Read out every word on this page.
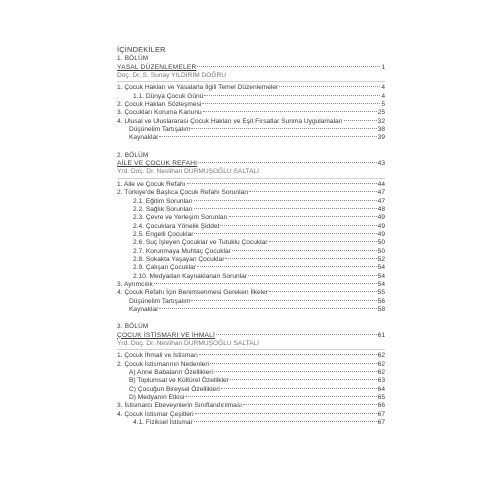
İÇİNDEKİLER
1. BÖLÜM
YASAL DÜZENLEMELER	1
Doç. Dr. S. Sunay YILDIRIM DOĞRU
1. Çocuk Hakları ve Yasalarla İlgili Temel Düzenlemeler	4
1.1. Dünya Çocuk Günü	4
2. Çocuk Hakları Sözleşmesi	5
3. Çocukları Koruma Kanunu	25
4. Ulusal ve Uluslararası Çocuk Hakları ve Eşit Fırsatlar Sunma Uygulamaları	32
Düşünelim Tartışalım	38
Kaynaklar	39
2. BÖLÜM
AİLE VE ÇOCUK REFAHI	43
Yrd. Doç. Dr. Neslihan DURMUŞOĞLU SALTALI
1. Aile ve Çocuk Refahı	44
2. Türkiye'de Başlıca Çocuk Refahı Sorunları	47
2.1. Eğitim Sorunları	47
2.2. Sağlık Sorunları	48
2.3. Çevre ve Yerleşim Sorunları	49
2.4. Çocuklara Yönelik Şiddet	49
2.5. Engelli Çocuklar	49
2.6. Suç İşleyen Çocuklar ve Tutuklu Çocuklar	50
2.7. Korunmaya Muhtaç Çocuklar	50
2.8. Sokakta Yaşayan Çocuklar	52
2.9. Çalışan Çocuklar	54
2.10. Medyadan Kaynaklanan Sorunlar	54
3. Ayrımcılık	54
4. Çocuk Refahı İçin Benimsenmesi Gereken İlkeler	55
Düşünelim Tartışalım	56
Kaynaklar	58
3. BÖLÜM
ÇOCUK İSTİSMARI VE İHMALİ	61
Yrd. Doç. Dr. Neslihan DURMUŞOĞLU SALTALI
1. Çocuk İhmali ve İstismarı	62
2. Çocuk İstismarının Nedenleri	62
A) Anne Babaların Özellikleri	62
B) Toplumsal ve Kültürel Özellikler	63
C) Çocuğun Bireysel Özellikleri	64
D) Medyanın Etkisi	65
3. İstismarcı Ebeveynlerin Sınıflandırılması	66
4. Çocuk İstismar Çeşitleri	67
4.1. Fiziksel İstismar	67
